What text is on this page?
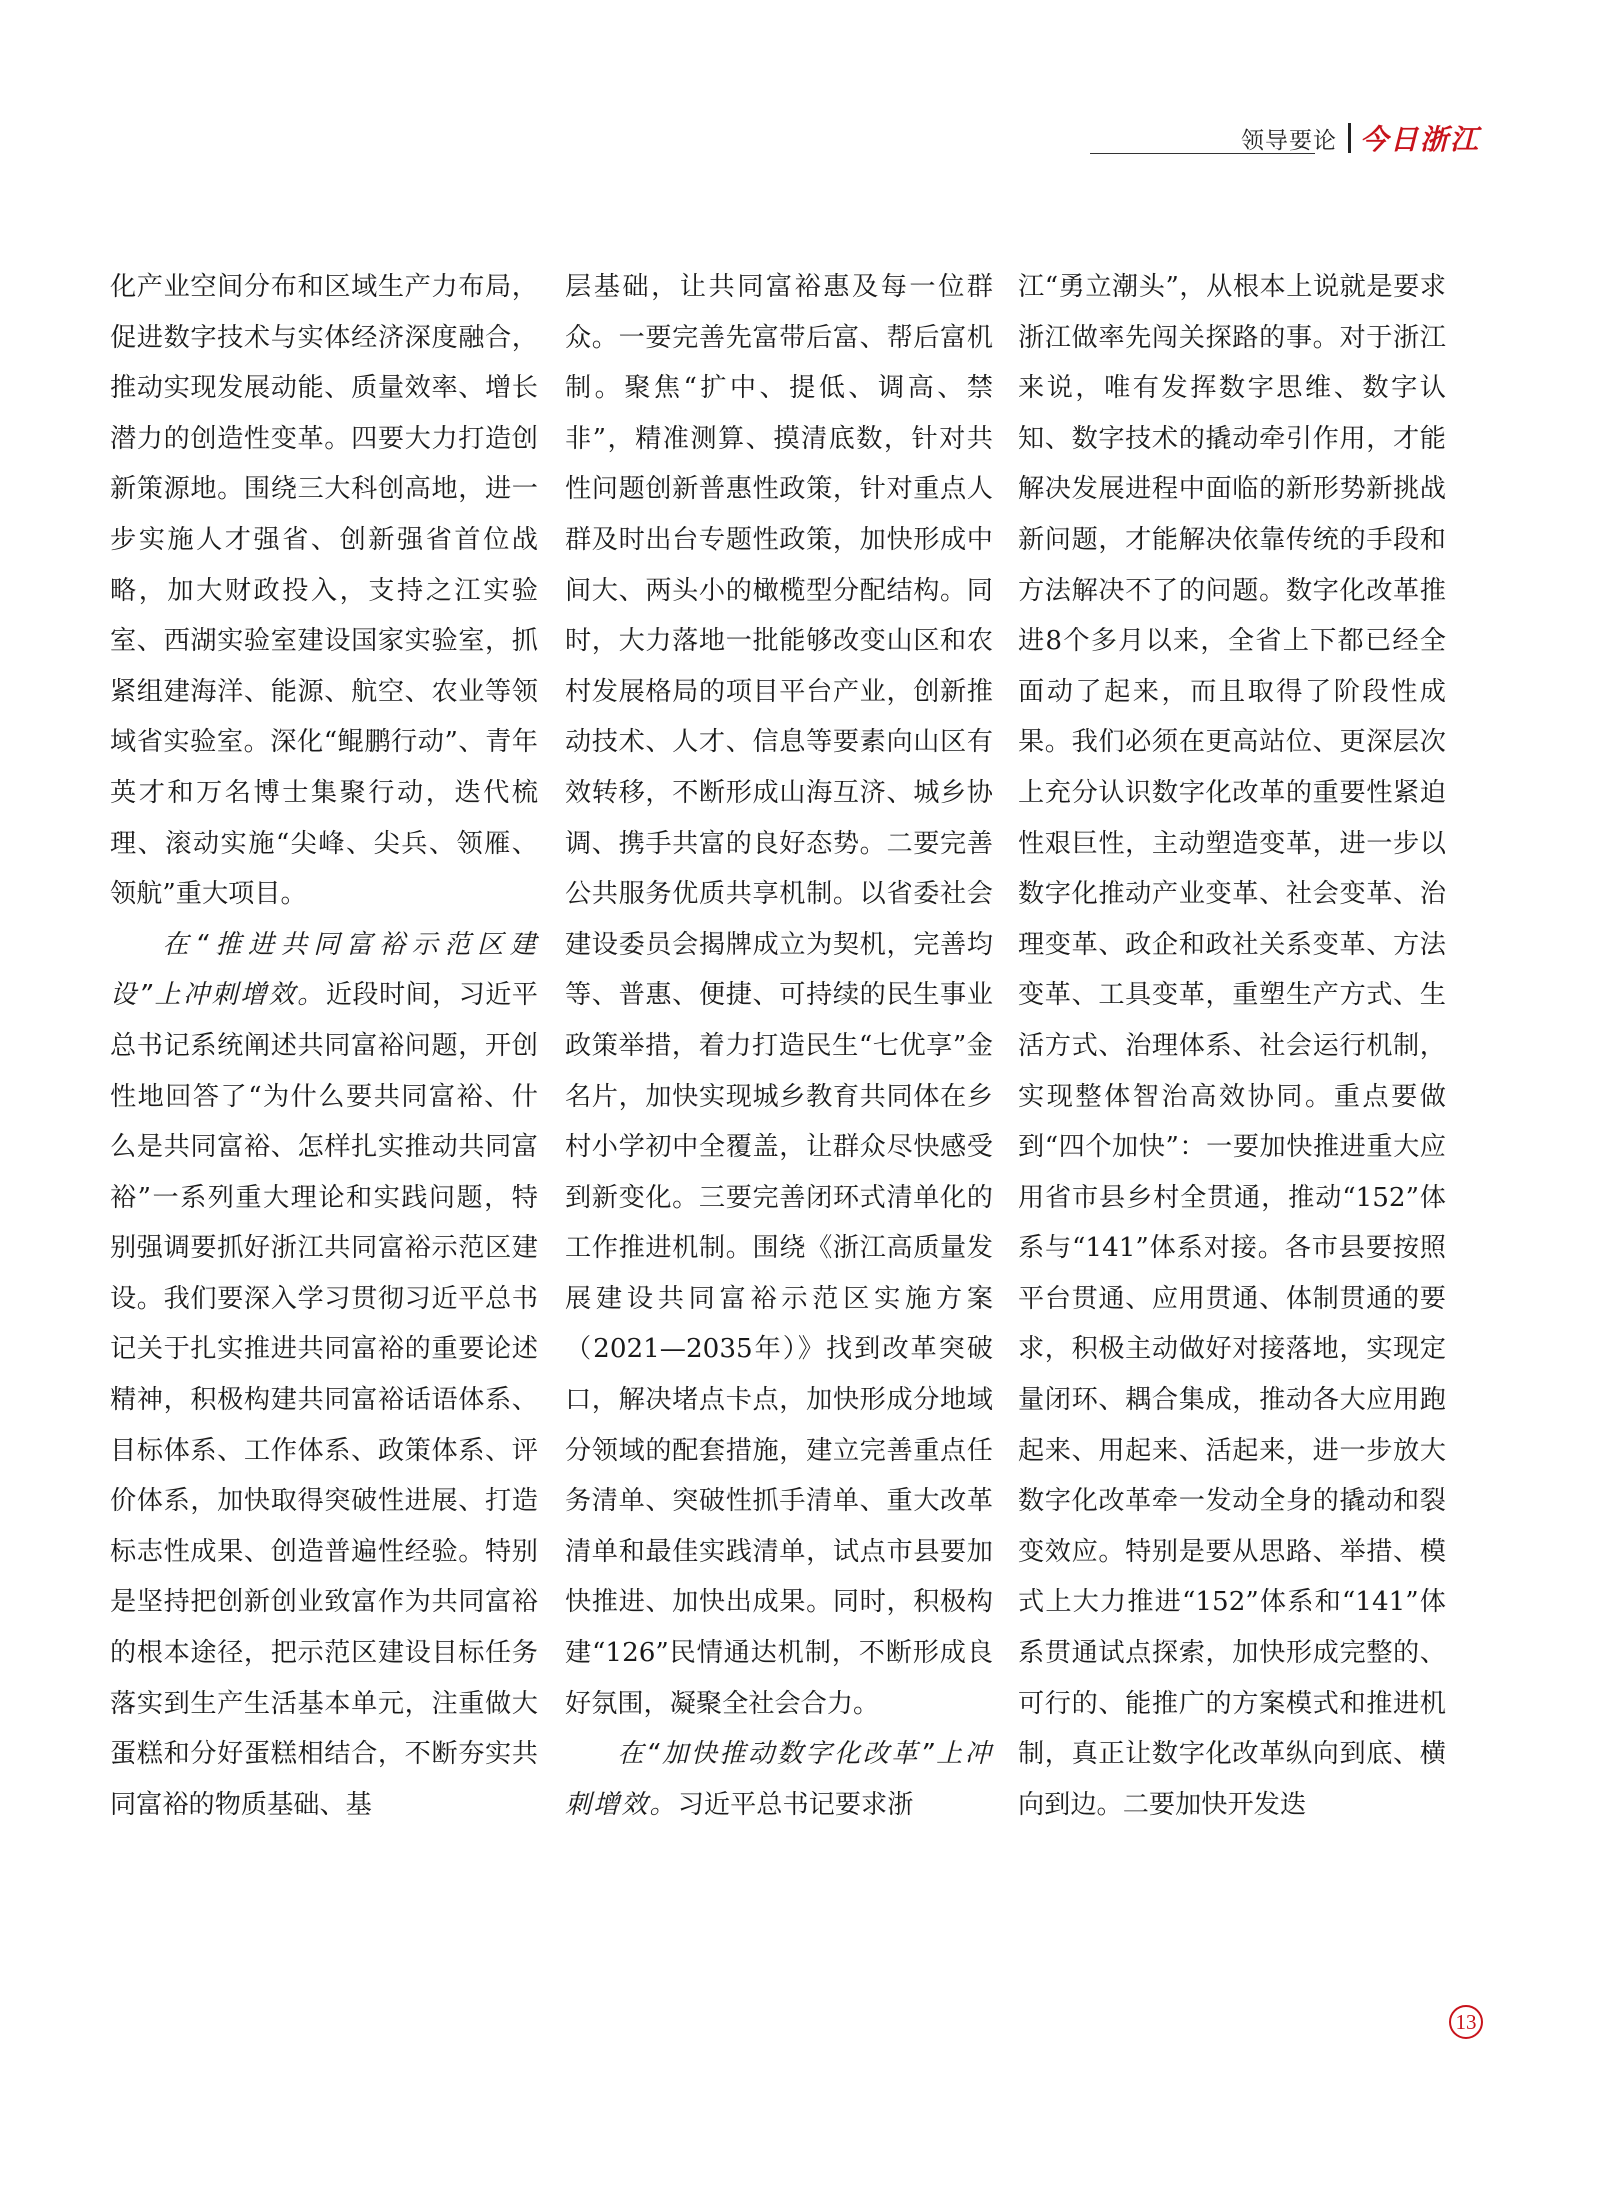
领导要论 今日浙江

化产业空间分布和区域生产力布局，促进数字技术与实体经济深度融合，推动实现发展动能、质量效率、增长潜力的创造性变革。四要大力打造创新策源地。围绕三大科创高地，进一步实施人才强省、创新强省首位战略，加大财政投入，支持之江实验室、西湖实验室建设国家实验室，抓紧组建海洋、能源、航空、农业等领域省实验室。深化“鲲鹏行动”、青年英才和万名博士集聚行动，迭代梳理、滚动实施“尖峰、尖兵、领雁、领航”重大项目。

在“推进共同富裕示范区建设”上冲刺增效。近段时间，习近平总书记系统阐述共同富裕问题，开创性地回答了“为什么要共同富裕、什么是共同富裕、怎样扎实推动共同富裕”一系列重大理论和实践问题，特别强调要抓好浙江共同富裕示范区建设。我们要深入学习贯彻习近平总书记关于扎实推进共同富裕的重要论述精神，积极构建共同富裕话语体系、目标体系、工作体系、政策体系、评价体系，加快取得突破性进展、打造标志性成果、创造普遍性经验。特别是坚持把创新创业致富作为共同富裕的根本途径，把示范区建设目标任务落实到生产生活基本单元，注重做大蛋糕和分好蛋糕相结合，不断夯实共同富裕的物质基础、基

层基础，让共同富裕惠及每一位群众。一要完善先富带后富、帮后富机制。聚焦“扩中、提低、调高、禁非”，精准测算、摸清底数，针对共性问题创新普惠性政策，针对重点人群及时出台专题性政策，加快形成中间大、两头小的橄榄型分配结构。同时，大力落地一批能够改变山区和农村发展格局的项目平台产业，创新推动技术、人才、信息等要素向山区有效转移，不断形成山海互济、城乡协调、携手共富的良好态势。二要完善公共服务优质共享机制。以省委社会建设委员会揭牌成立为契机，完善均等、普惠、便捷、可持续的民生事业政策举措，着力打造民生“七优享”金名片，加快实现城乡教育共同体在乡村小学初中全覆盖，让群众尽快感受到新变化。三要完善闭环式清单化的工作推进机制。围绕《浙江高质量发展建设共同富裕示范区实施方案（2021—2035年）》找到改革突破口，解决堵点卡点，加快形成分地域分领域的配套措施，建立完善重点任务清单、突破性抓手清单、重大改革清单和最佳实践清单，试点市县要加快推进、加快出成果。同时，积极构建“126”民情通达机制，不断形成良好氛围，凝聚全社会合力。

在“加快推动数字化改革”上冲刺增效。习近平总书记要求浙

江“勇立潮头”，从根本上说就是要求浙江做率先闯关探路的事。对于浙江来说，唯有发挥数字思维、数字认知、数字技术的撬动牵引作用，才能解决发展进程中面临的新形势新挑战新问题，才能解决依靠传统的手段和方法解决不了的问题。数字化改革推进8个多月以来，全省上下都已经全面动了起来，而且取得了阶段性成果。我们必须在更高站位、更深层次上充分认识数字化改革的重要性紧迫性艰巨性，主动塑造变革，进一步以数字化推动产业变革、社会变革、治理变革、政企和政社关系变革、方法变革、工具变革，重塑生产方式、生活方式、治理体系、社会运行机制，实现整体智治高效协同。重点要做到“四个加快”：一要加快推进重大应用省市县乡村全贯通，推动“152”体系与“141”体系对接。各市县要按照平台贯通、应用贯通、体制贯通的要求，积极主动做好对接落地，实现定量闭环、耦合集成，推动各大应用跑起来、用起来、活起来，进一步放大数字化改革牵一发动全身的撬动和裂变效应。特别是要从思路、举措、模式上大力推进“152”体系和“141”体系贯通试点探索，加快形成完整的、可行的、能推广的方案模式和推进机制，真正让数字化改革纵向到底、横向到边。二要加快开发迭

13
